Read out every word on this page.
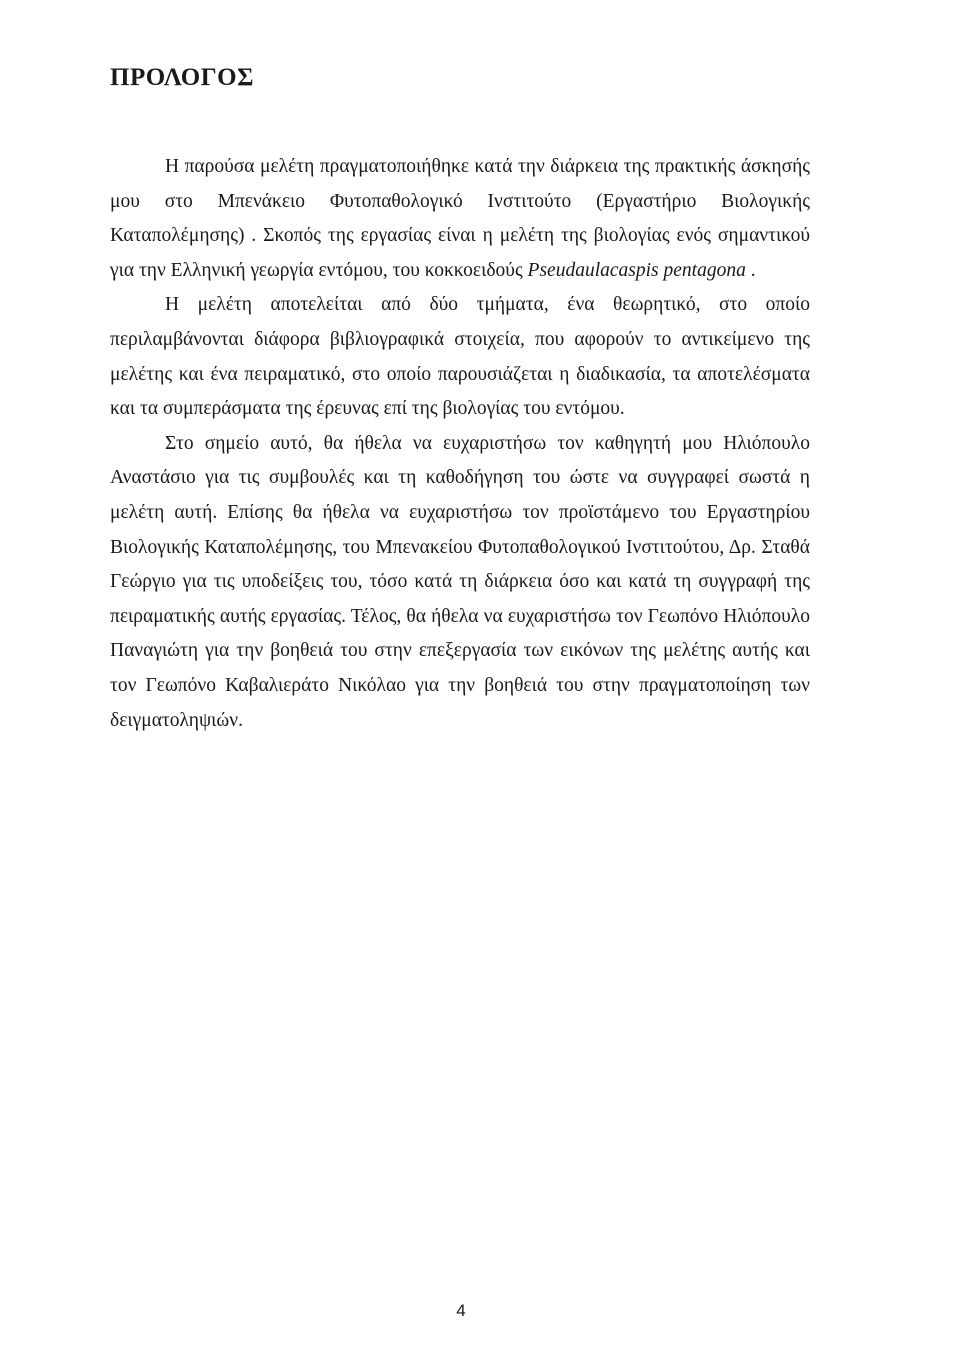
ΠΡΟΛΟΓΟΣ

Η παρούσα μελέτη πραγματοποιήθηκε κατά την διάρκεια της πρακτικής άσκησής μου στο Μπενάκειο Φυτοπαθολογικό Ινστιτούτο (Εργαστήριο Βιολογικής Καταπολέμησης) . Σκοπός της εργασίας είναι η μελέτη της βιολογίας ενός σημαντικού για την Ελληνική γεωργία εντόμου, του κοκκοειδούς Pseudaulacaspis pentagona .

Η μελέτη αποτελείται από δύο τμήματα, ένα θεωρητικό, στο οποίο περιλαμβάνονται διάφορα βιβλιογραφικά στοιχεία, που αφορούν το αντικείμενο της μελέτης και ένα πειραματικό, στο οποίο παρουσιάζεται η διαδικασία, τα αποτελέσματα και τα συμπεράσματα της έρευνας επί της βιολογίας του εντόμου.

Στο σημείο αυτό, θα ήθελα να ευχαριστήσω τον καθηγητή μου Ηλιόπουλο Αναστάσιο για τις συμβουλές και τη καθοδήγηση του ώστε να συγγραφεί σωστά η μελέτη αυτή. Επίσης θα ήθελα να ευχαριστήσω τον προϊστάμενο του Εργαστηρίου Βιολογικής Καταπολέμησης, του Μπενακείου Φυτοπαθολογικού Ινστιτούτου, Δρ. Σταθά Γεώργιο για τις υποδείξεις του, τόσο κατά τη διάρκεια όσο και κατά τη συγγραφή της πειραματικής αυτής εργασίας. Τέλος, θα ήθελα να ευχαριστήσω τον Γεωπόνο Ηλιόπουλο Παναγιώτη για την βοηθειά του στην επεξεργασία των εικόνων της μελέτης αυτής και τον Γεωπόνο Καβαλιεράτο Νικόλαο για την βοηθειά του στην πραγματοποίηση των δειγματοληψιών.

4
